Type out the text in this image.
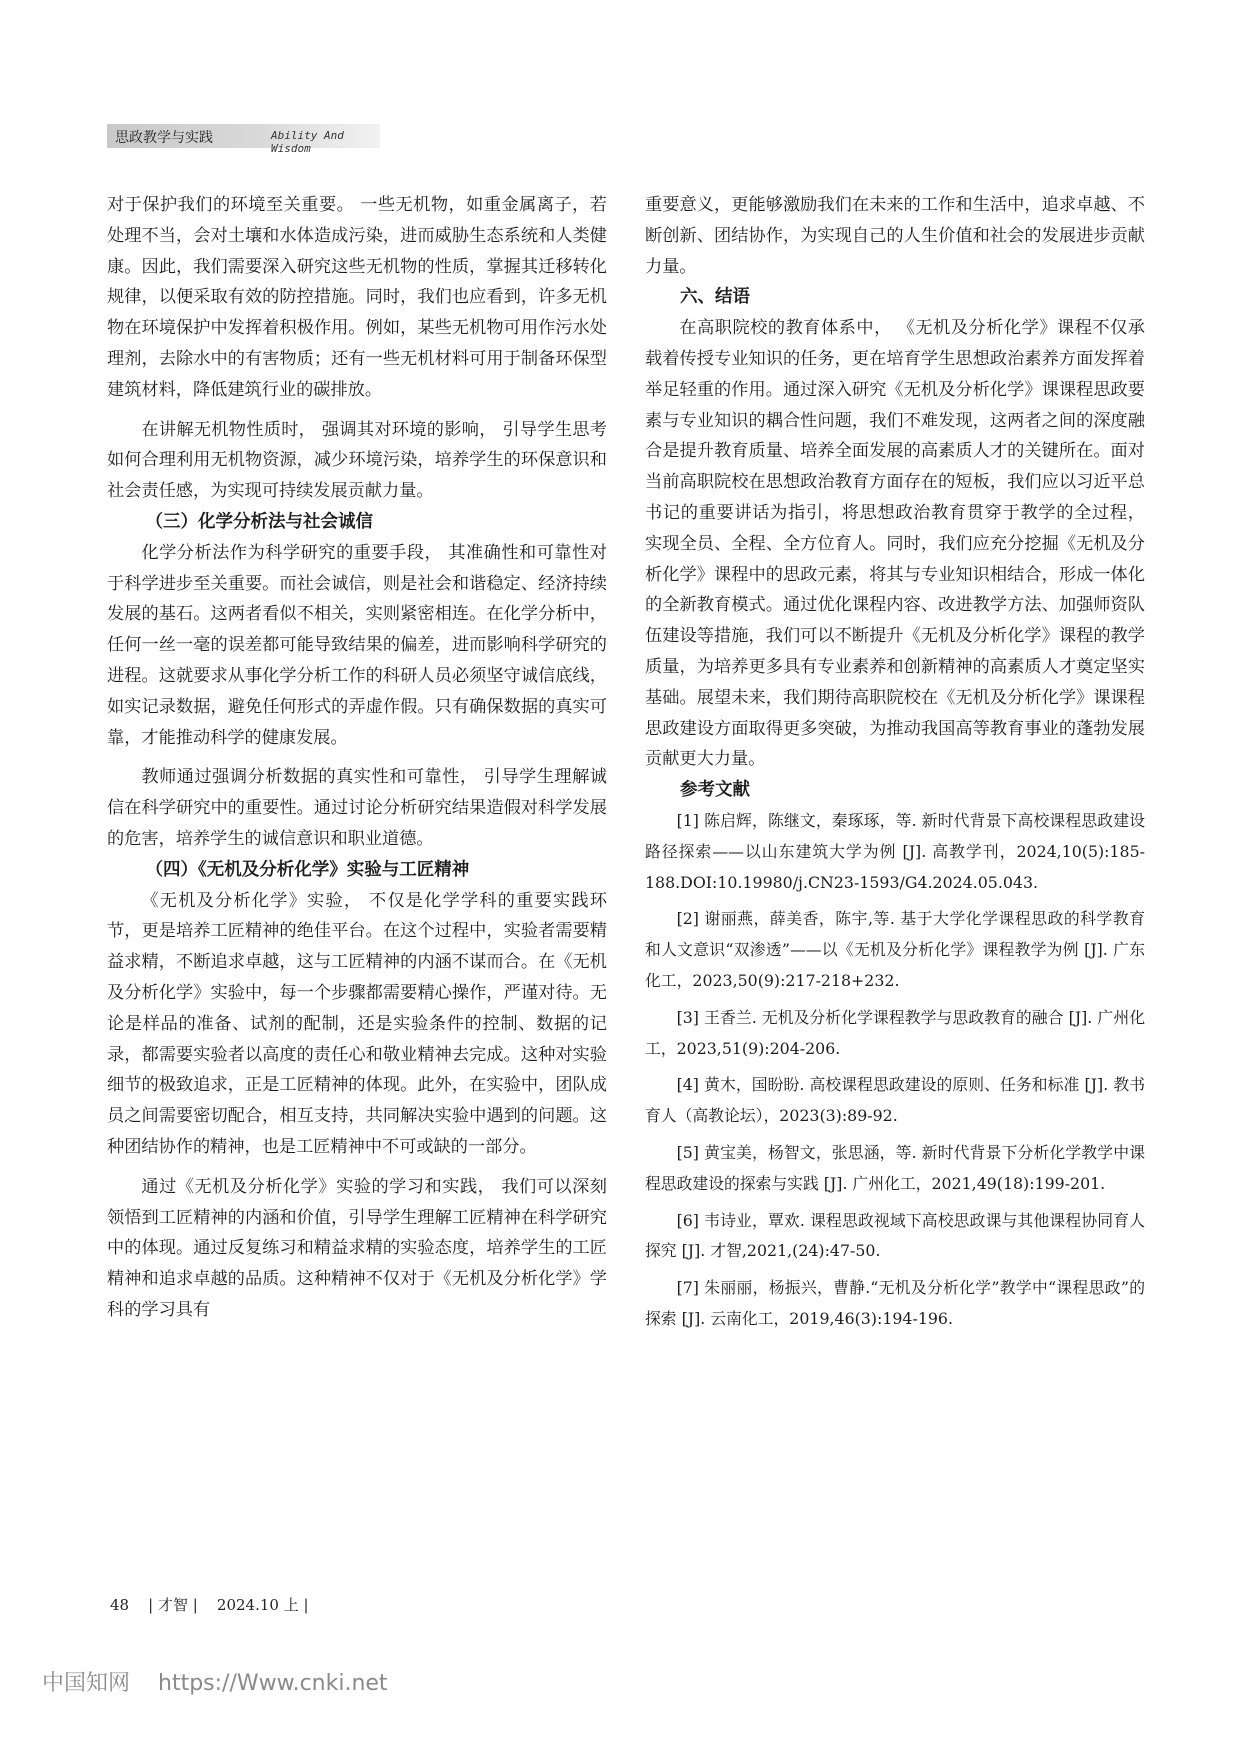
思政教学与实践	Ability And Wisdom

对于保护我们的环境至关重要。 一些无机物，如重金属离子，若处理不当，会对土壤和水体造成污染，进而威胁生态系统和人类健康。因此，我们需要深入研究这些无机物的性质，掌握其迁移转化规律，以便采取有效的防控措施。同时，我们也应看到，许多无机物在环境保护中发挥着积极作用。例如，某些无机物可用作污水处理剂，去除水中的有害物质；还有一些无机材料可用于制备环保型建筑材料，降低建筑行业的碳排放。

在讲解无机物性质时， 强调其对环境的影响， 引导学生思考如何合理利用无机物资源，减少环境污染，培养学生的环保意识和社会责任感，为实现可持续发展贡献力量。

（三）化学分析法与社会诚信

化学分析法作为科学研究的重要手段， 其准确性和可靠性对于科学进步至关重要。而社会诚信，则是社会和谐稳定、经济持续发展的基石。这两者看似不相关，实则紧密相连。在化学分析中，任何一丝一毫的误差都可能导致结果的偏差，进而影响科学研究的进程。这就要求从事化学分析工作的科研人员必须坚守诚信底线，如实记录数据，避免任何形式的弄虚作假。只有确保数据的真实可靠，才能推动科学的健康发展。

教师通过强调分析数据的真实性和可靠性， 引导学生理解诚信在科学研究中的重要性。通过讨论分析研究结果造假对科学发展的危害，培养学生的诚信意识和职业道德。

（四）《无机及分析化学》实验与工匠精神

《无机及分析化学》实验， 不仅是化学学科的重要实践环节，更是培养工匠精神的绝佳平台。在这个过程中，实验者需要精益求精，不断追求卓越，这与工匠精神的内涵不谋而合。在《无机及分析化学》实验中，每一个步骤都需要精心操作，严谨对待。无论是样品的准备、试剂的配制，还是实验条件的控制、数据的记录，都需要实验者以高度的责任心和敬业精神去完成。这种对实验细节的极致追求，正是工匠精神的体现。此外，在实验中，团队成员之间需要密切配合，相互支持，共同解决实验中遇到的问题。这种团结协作的精神，也是工匠精神中不可或缺的一部分。

通过《无机及分析化学》实验的学习和实践， 我们可以深刻领悟到工匠精神的内涵和价值，引导学生理解工匠精神在科学研究中的体现。通过反复练习和精益求精的实验态度，培养学生的工匠精神和追求卓越的品质。这种精神不仅对于《无机及分析化学》学科的学习具有

重要意义，更能够激励我们在未来的工作和生活中，追求卓越、不断创新、团结协作，为实现自己的人生价值和社会的发展进步贡献力量。

六、结语

在高职院校的教育体系中， 《无机及分析化学》课程不仅承载着传授专业知识的任务，更在培育学生思想政治素养方面发挥着举足轻重的作用。通过深入研究《无机及分析化学》课课程思政要素与专业知识的耦合性问题，我们不难发现，这两者之间的深度融合是提升教育质量、培养全面发展的高素质人才的关键所在。面对当前高职院校在思想政治教育方面存在的短板，我们应以习近平总书记的重要讲话为指引，将思想政治教育贯穿于教学的全过程， 实现全员、全程、全方位育人。同时，我们应充分挖掘《无机及分析化学》课程中的思政元素，将其与专业知识相结合，形成一体化的全新教育模式。通过优化课程内容、改进教学方法、加强师资队伍建设等措施，我们可以不断提升《无机及分析化学》课程的教学质量，为培养更多具有专业素养和创新精神的高素质人才奠定坚实基础。展望未来，我们期待高职院校在《无机及分析化学》课课程思政建设方面取得更多突破，为推动我国高等教育事业的蓬勃发展贡献更大力量。

参考文献

[1] 陈启辉，陈继文，秦琢琢，等. 新时代背景下高校课程思政建设路径探索——以山东建筑大学为例 [J]. 高教学刊，2024,10(5):185-188.DOI:10.19980/j.CN23-1593/G4.2024.05.043.

[2] 谢丽燕，薛美香，陈宇,等. 基于大学化学课程思政的科学教育和人文意识“双渗透”——以《无机及分析化学》课程教学为例 [J]. 广东化工，2023,50(9):217-218+232.

[3] 王香兰. 无机及分析化学课程教学与思政教育的融合 [J]. 广州化工，2023,51(9):204-206.

[4] 黄木，国盼盼. 高校课程思政建设的原则、任务和标准 [J]. 教书育人（高教论坛），2023(3):89-92.

[5] 黄宝美，杨智文，张思涵，等. 新时代背景下分析化学教学中课程思政建设的探索与实践 [J]. 广州化工，2021,49(18):199-201.

[6] 韦诗业，覃欢. 课程思政视域下高校思政课与其他课程协同育人探究 [J]. 才智,2021,(24):47-50.

[7] 朱丽丽，杨振兴，曹静.“无机及分析化学”教学中“课程思政”的探索 [J]. 云南化工，2019,46(3):194-196.

48 | 才智 | 2024.10 上 |
中国知网 https://Www.cnki.net
